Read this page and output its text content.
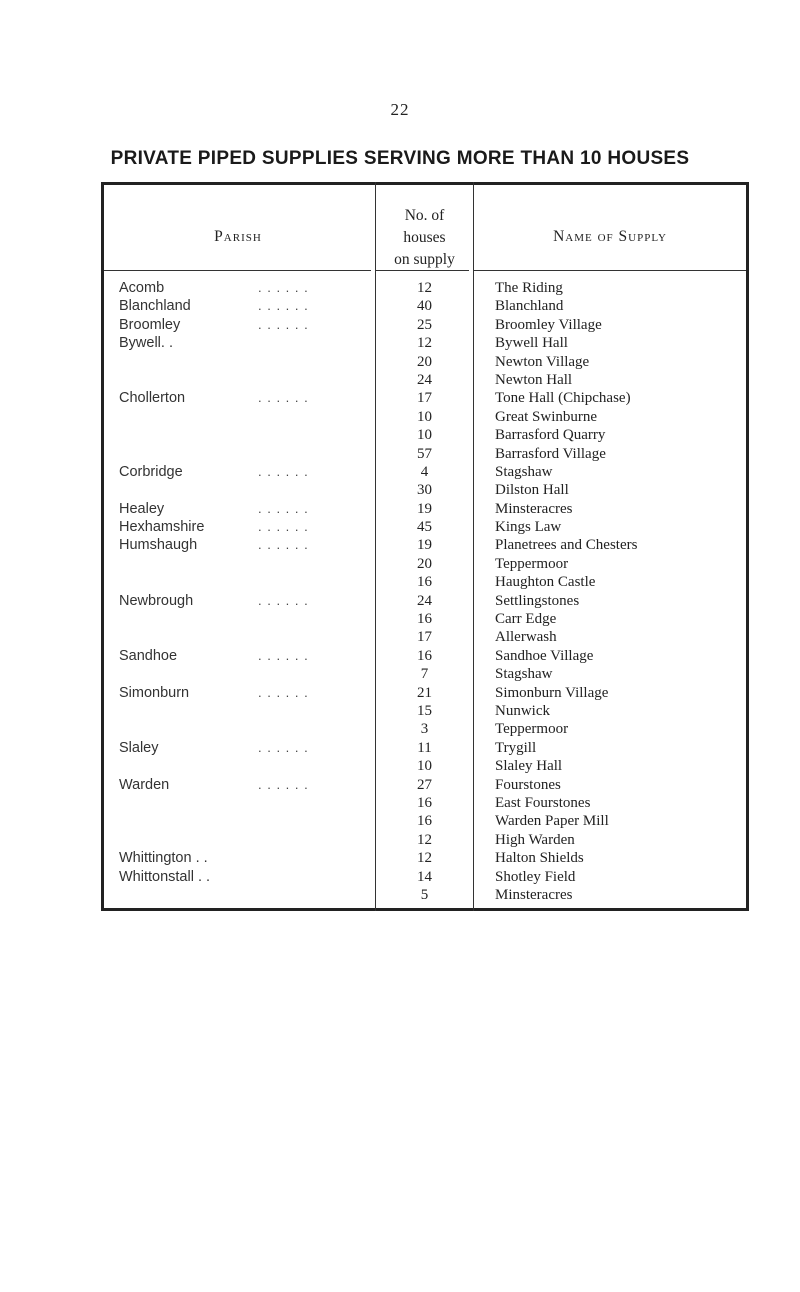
22
PRIVATE PIPED SUPPLIES SERVING MORE THAN 10 HOUSES
Parish
No. of
houses
on supply
Name of Supply
Acomb	. . . . . .	12	The Riding
Blanchland	. . . . . .	40	Blanchland
Broomley	. . . . . .	25	Broomley Village
Bywell. .	12	Bywell Hall
20	Newton Village
24	Newton Hall
Chollerton	. . . . . .	17	Tone Hall (Chipchase)
10	Great Swinburne
10	Barrasford Quarry
57	Barrasford Village
Corbridge	. . . . . .	4	Stagshaw
30	Dilston Hall
Healey	. . . . . .	19	Minsteracres
Hexhamshire	. . . . . .	45	Kings Law
Humshaugh	. . . . . .	19	Planetrees and Chesters
20	Teppermoor
16	Haughton Castle
Newbrough	. . . . . .	24	Settlingstones
16	Carr Edge
17	Allerwash
Sandhoe	. . . . . .	16	Sandhoe Village
7	Stagshaw
Simonburn	. . . . . .	21	Simonburn Village
15	Nunwick
3	Teppermoor
Slaley	. . . . . .	11	Trygill
10	Slaley Hall
Warden	. . . . . .	27	Fourstones
16	East Fourstones
16	Warden Paper Mill
12	High Warden
Whittington . .	12	Halton Shields
Whittonstall . .	14	Shotley Field
5	Minsteracres
